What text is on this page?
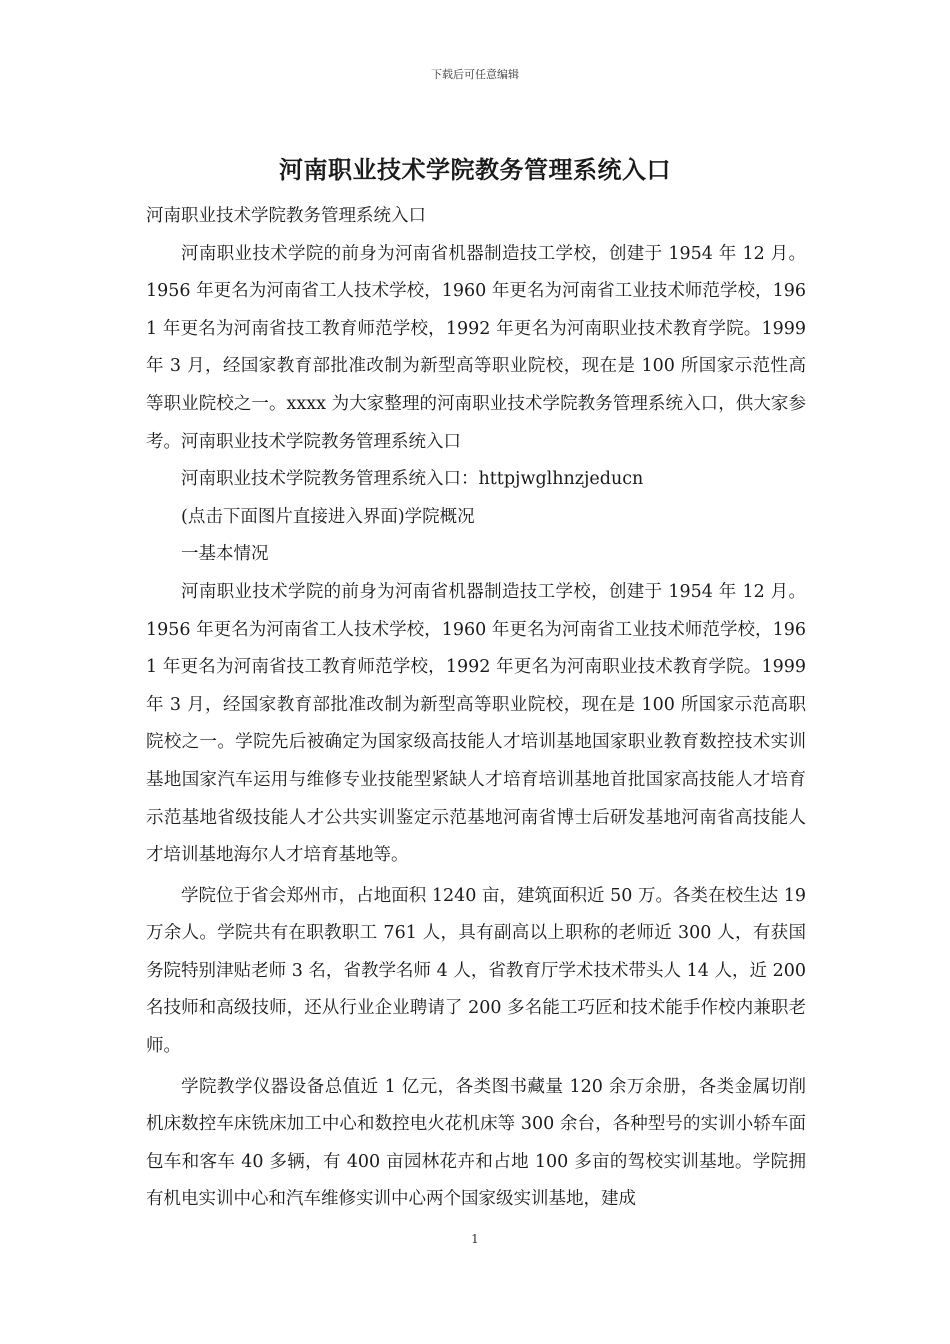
下载后可任意编辑
河南职业技术学院教务管理系统入口

河南职业技术学院教务管理系统入口

河南职业技术学院的前身为河南省机器制造技工学校，创建于 1954 年 12 月。1956 年更名为河南省工人技术学校，1960 年更名为河南省工业技术师范学校，1961 年更名为河南省技工教育师范学校，1992 年更名为河南职业技术教育学院。1999 年 3 月，经国家教育部批准改制为新型高等职业院校，现在是 100 所国家示范性高等职业院校之一。xxxx 为大家整理的河南职业技术学院教务管理系统入口，供大家参考。河南职业技术学院教务管理系统入口

河南职业技术学院教务管理系统入口：httpjwglhnzjeducn

(点击下面图片直接进入界面)学院概况

一基本情况

河南职业技术学院的前身为河南省机器制造技工学校，创建于 1954 年 12 月。1956 年更名为河南省工人技术学校，1960 年更名为河南省工业技术师范学校，1961 年更名为河南省技工教育师范学校，1992 年更名为河南职业技术教育学院。1999 年 3 月，经国家教育部批准改制为新型高等职业院校，现在是 100 所国家示范高职院校之一。学院先后被确定为国家级高技能人才培训基地国家职业教育数控技术实训基地国家汽车运用与维修专业技能型紧缺人才培育培训基地首批国家高技能人才培育示范基地省级技能人才公共实训鉴定示范基地河南省博士后研发基地河南省高技能人才培训基地海尔人才培育基地等。

学院位于省会郑州市，占地面积 1240 亩，建筑面积近 50 万。各类在校生达 19 万余人。学院共有在职教职工 761 人，具有副高以上职称的老师近 300 人，有获国务院特别津贴老师 3 名，省教学名师 4 人，省教育厅学术技术带头人 14 人，近 200 名技师和高级技师，还从行业企业聘请了 200 多名能工巧匠和技术能手作校内兼职老师。

学院教学仪器设备总值近 1 亿元，各类图书藏量 120 余万余册，各类金属切削机床数控车床铣床加工中心和数控电火花机床等 300 余台，各种型号的实训小轿车面包车和客车 40 多辆，有 400 亩园林花卉和占地 100 多亩的驾校实训基地。学院拥有机电实训中心和汽车维修实训中心两个国家级实训基地，建成

1
